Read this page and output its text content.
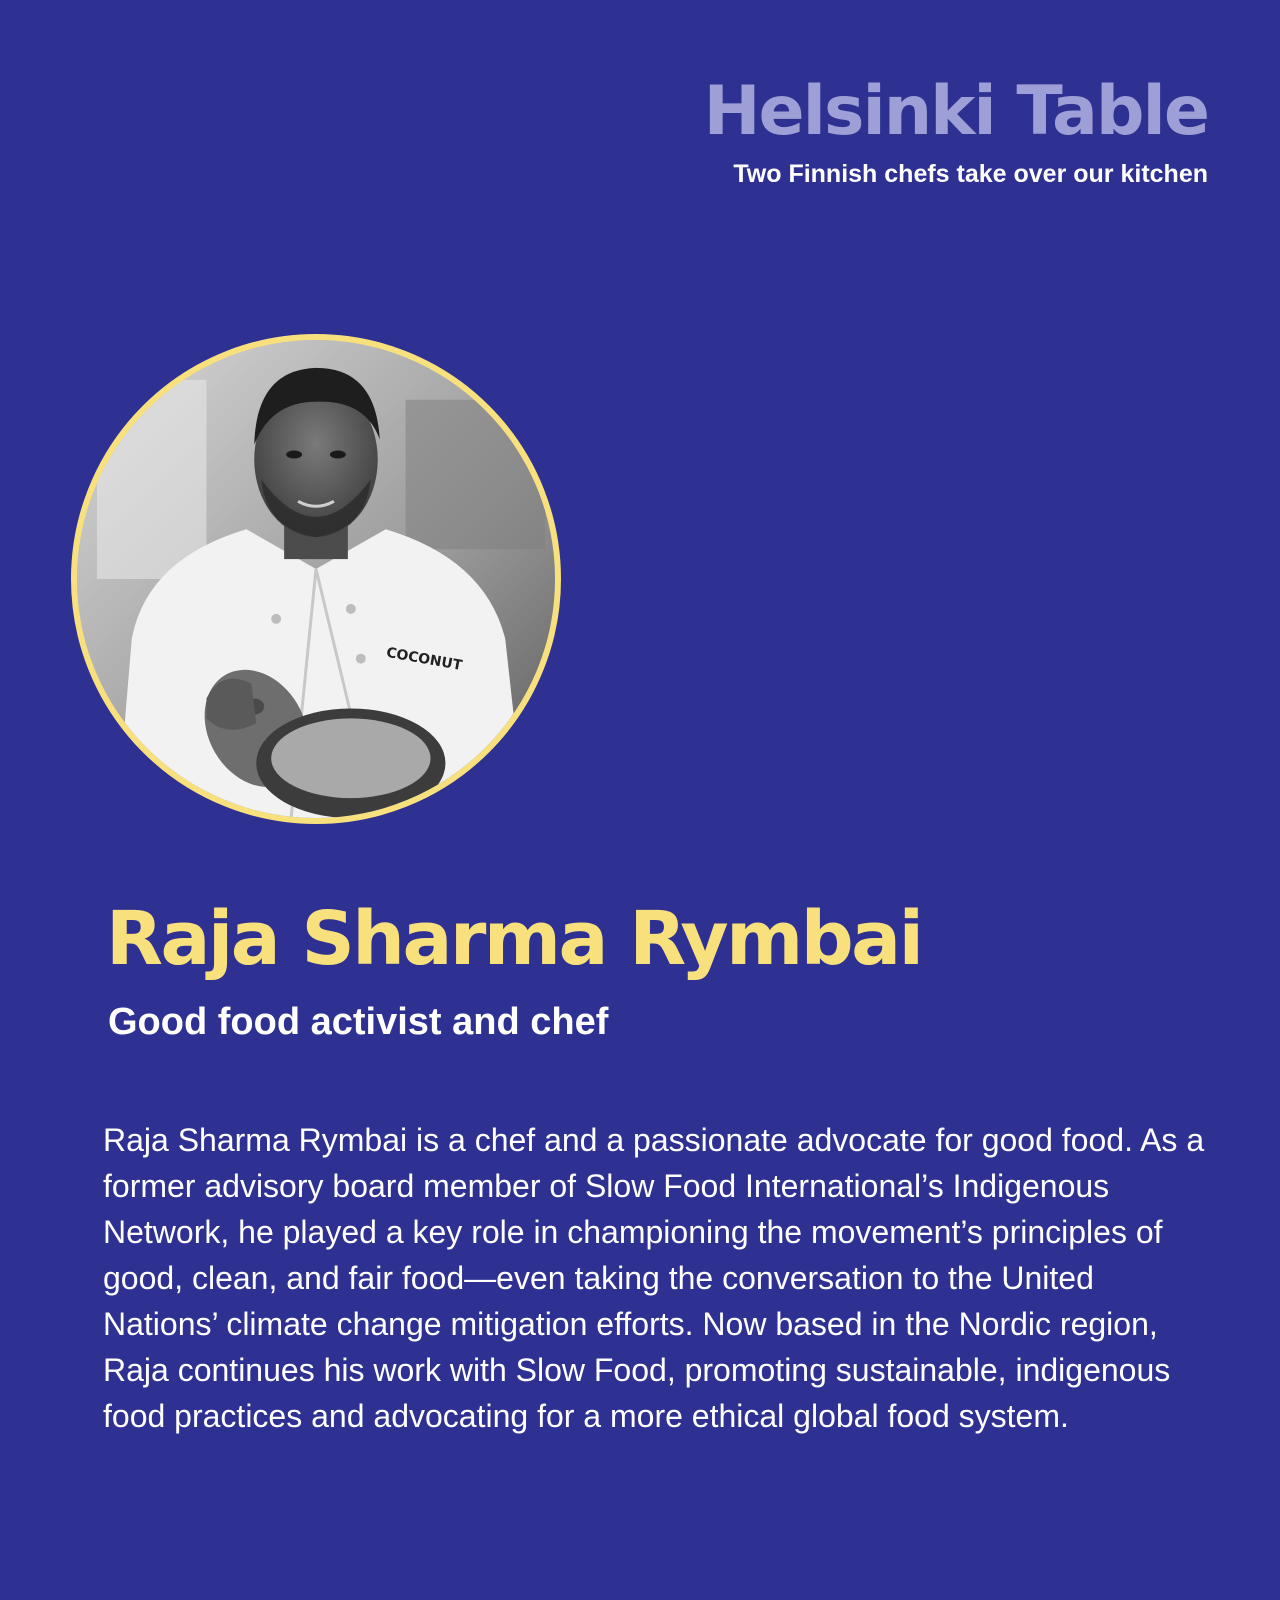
Helsinki Table
Two Finnish chefs take over our kitchen
COCONUT
Raja Sharma Rymbai
Good food activist and chef

Raja Sharma Rymbai is a chef and a passionate advocate for good food. As a former advisory board member of Slow Food International’s Indigenous Network, he played a key role in championing the movement’s principles of good, clean, and fair food—even taking the conversation to the United Nations’ climate change mitigation efforts. Now based in the Nordic region, Raja continues his work with Slow Food, promoting sustainable, indigenous food practices and advocating for a more ethical global food system.
